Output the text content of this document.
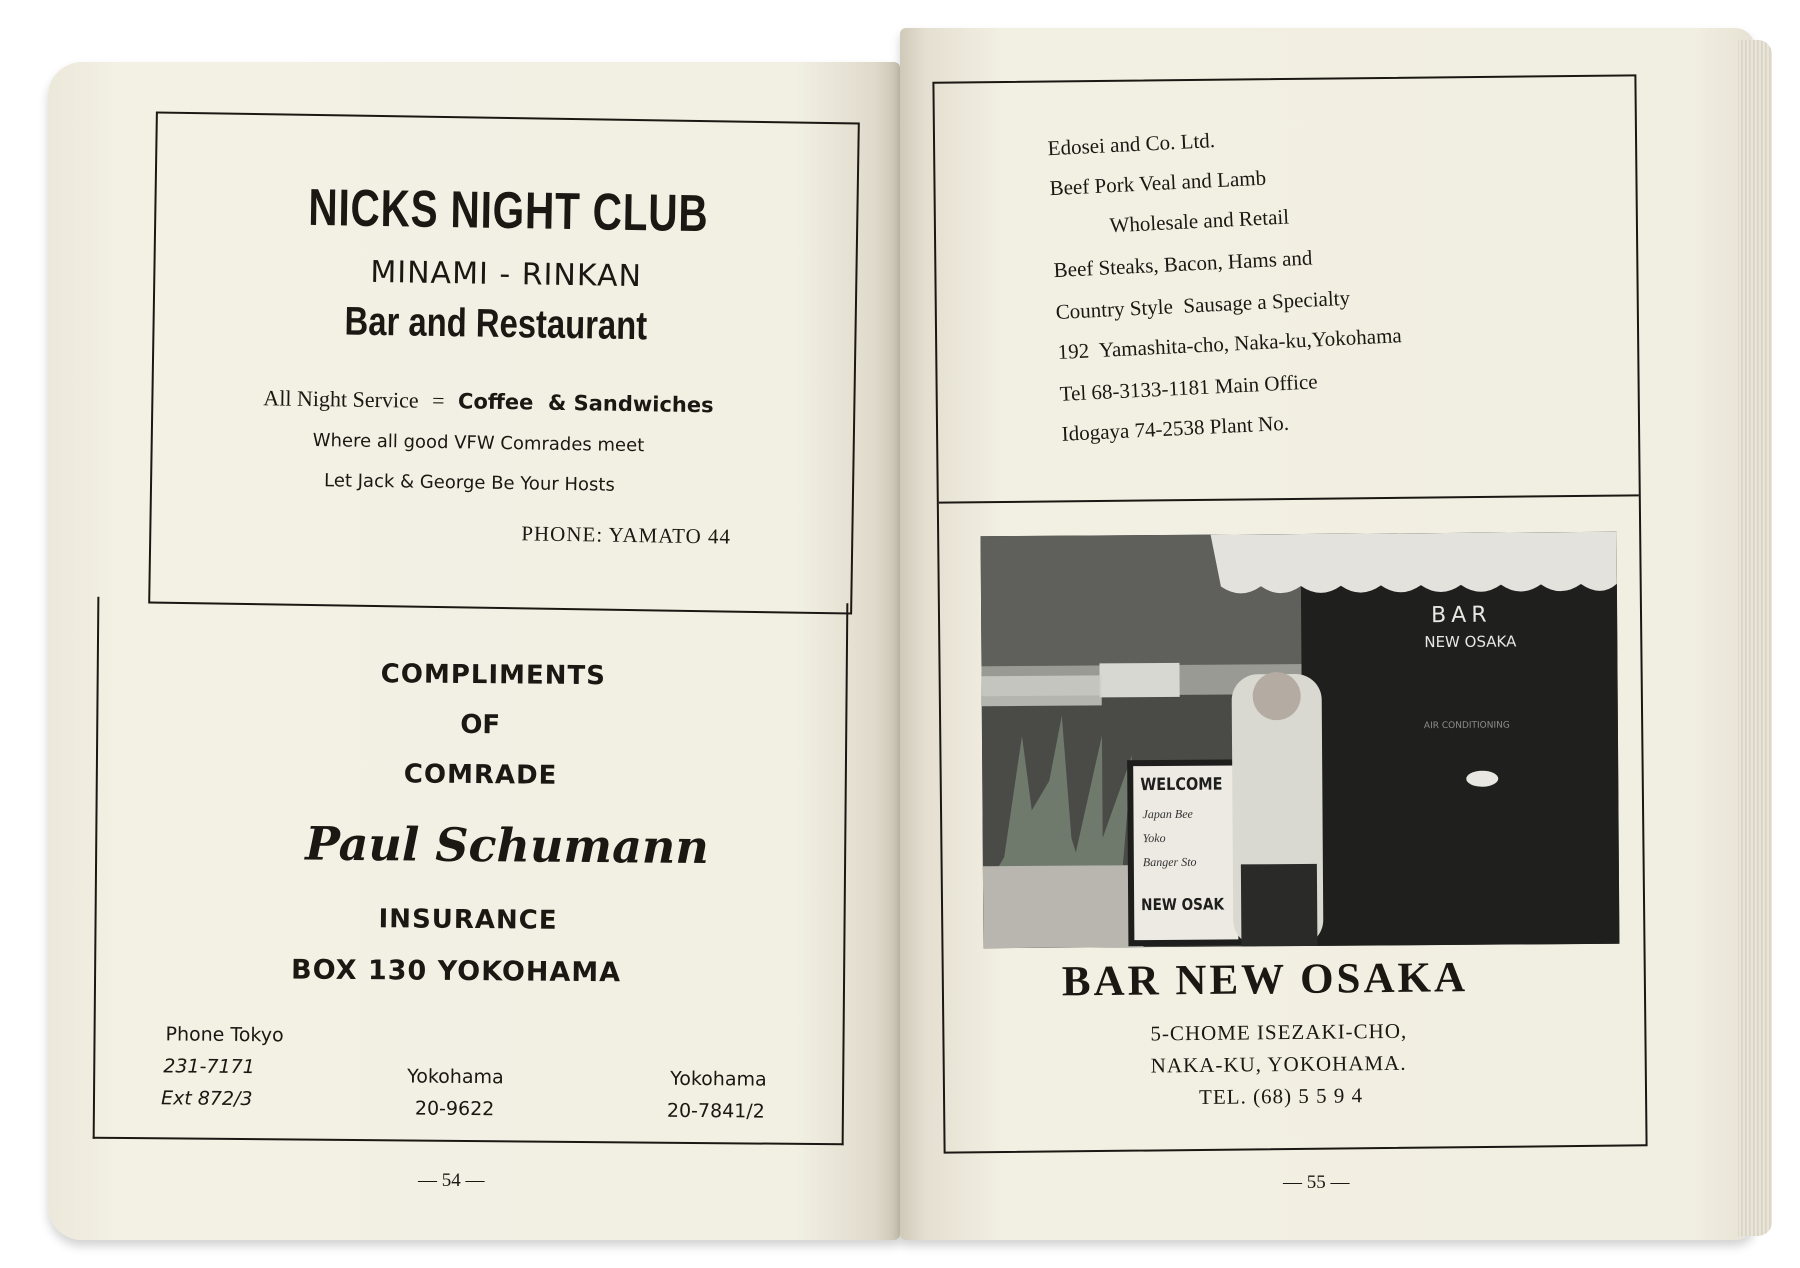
NICKS NIGHT CLUB
MINAMI - RINKAN
Bar and Restaurant
All Night Service = Coffee  & Sandwiches
Where all good VFW Comrades meet
Let Jack & George Be Your Hosts
PHONE: YAMATO 44
COMPLIMENTS
OF
COMRADE
Paul Schumann
INSURANCE
BOX 130 YOKOHAMA
Phone Tokyo
231-7171
Ext 872/3
Yokohama
20-9622
Yokohama
20-7841/2
— 54 —
Edosei and Co. Ltd.
Beef Pork Veal and Lamb
Wholesale and Retail
Beef Steaks, Bacon, Hams and
Country Style  Sausage a Specialty
192  Yamashita-cho, Naka-ku,Yokohama
Tel 68-3133-1181 Main Office
Idogaya 74-2538 Plant No.
BAR NEW OSAKA
5-CHOME ISEZAKI-CHO,
NAKA-KU, YOKOHAMA.
TEL. (68) 5 5 9 4
BAR
NEW OSAKA
AIR CONDITIONING
WELCOME
Japan Bee
Yoko
Banger Sto
NEW OSAK
— 55 —
